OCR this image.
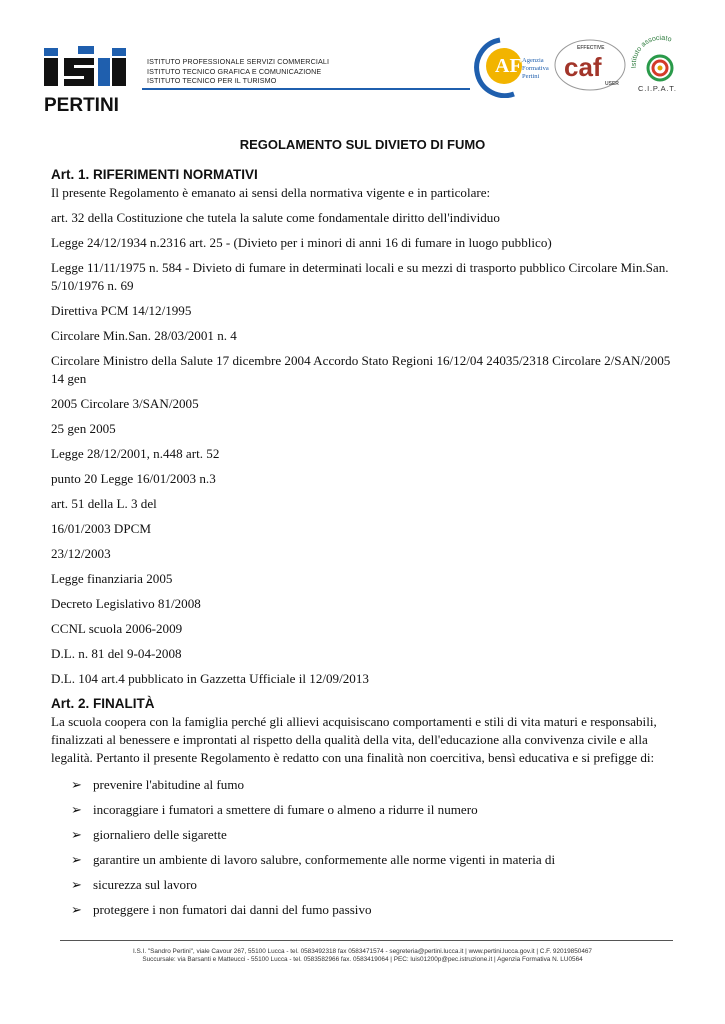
PERTINI
ISTITUTO PROFESSIONALE SERVIZI COMMERCIALI
ISTITUTO TECNICO GRAFICA E COMUNICAZIONE
ISTITUTO TECNICO PER IL TURISMO
AF Agenzia
Formativa
Pertini
EFFECTIVE
caf
USER
Istituto associato
C.I.P.A.T.
REGOLAMENTO SUL DIVIETO DI FUMO
Art. 1. RIFERIMENTI NORMATIVI

Il presente Regolamento è emanato ai sensi della normativa vigente e in particolare:

art. 32 della Costituzione che tutela la salute come fondamentale diritto dell'individuo

Legge 24/12/1934 n.2316 art. 25 - (Divieto per i minori di anni 16 di fumare in luogo pubblico)

Legge 11/11/1975 n. 584 - Divieto di fumare in determinati locali e su mezzi di trasporto pubblico Circolare Min.San. 5/10/1976 n. 69

Direttiva PCM 14/12/1995

Circolare Min.San. 28/03/2001 n. 4

Circolare Ministro della Salute 17 dicembre 2004 Accordo Stato Regioni 16/12/04 24035/2318 Circolare 2/SAN/2005 14 gen

2005 Circolare 3/SAN/2005

25 gen 2005

Legge 28/12/2001, n.448 art. 52

punto 20 Legge 16/01/2003 n.3

art. 51 della L. 3 del

16/01/2003 DPCM

23/12/2003

Legge finanziaria 2005

Decreto Legislativo 81/2008

CCNL scuola 2006-2009

D.L. n. 81 del 9-04-2008

D.L. 104 art.4 pubblicato in Gazzetta Ufficiale il 12/09/2013

Art. 2. FINALITÀ

La scuola coopera con la famiglia perché gli allievi acquisiscano comportamenti e stili di vita maturi e responsabili, finalizzati al benessere e improntati al rispetto della qualità della vita, dell'educazione alla convivenza civile e alla legalità. Pertanto il presente Regolamento è redatto con una finalità non coercitiva, bensì educativa e si prefigge di:

➢ prevenire l'abitudine al fumo
➢ incoraggiare i fumatori a smettere di fumare o almeno a ridurre il numero
➢ giornaliero delle sigarette
➢ garantire un ambiente di lavoro salubre, conformemente alle norme vigenti in materia di
➢ sicurezza sul lavoro
➢ proteggere i non fumatori dai danni del fumo passivo
I.S.I. "Sandro Pertini", viale Cavour 267, 55100 Lucca - tel. 0583492318 fax 0583471574 - segreteria@pertini.lucca.it | www.pertini.lucca.gov.it | C.F. 92019850467
Succursale: via Barsanti e Matteucci - 55100 Lucca - tel. 0583582966 fax. 0583419064 | PEC: luis01200p@pec.istruzione.it | Agenzia Formativa N. LU0564
